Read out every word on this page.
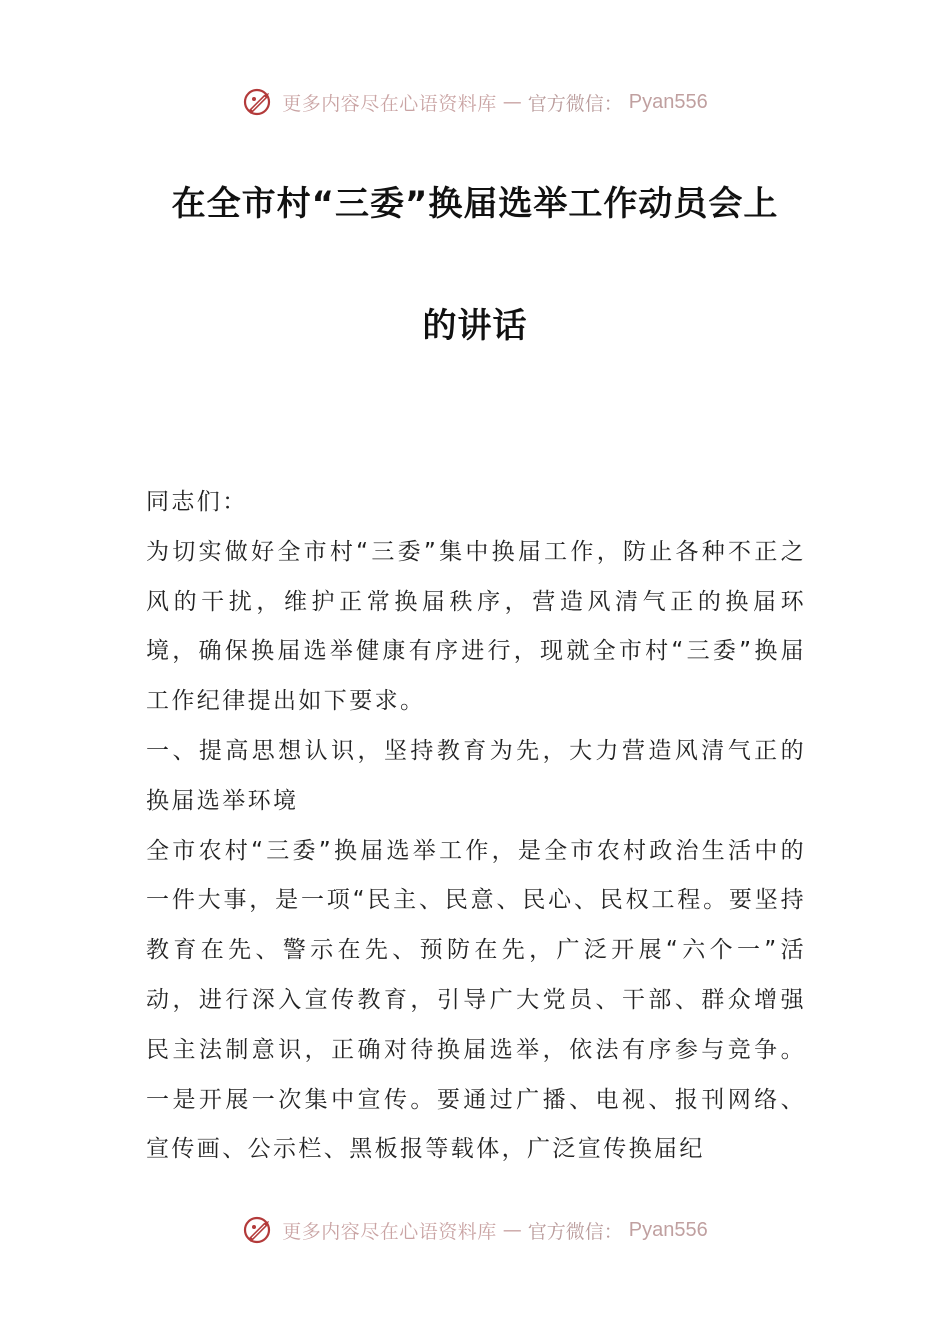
更多内容尽在心语资料库 — 官方微信： Pyan556
在全市村“三委”换届选举工作动员会上
的讲话

同志们：

为切实做好全市村“三委”集中换届工作，防止各种不正之风的干扰，维护正常换届秩序，营造风清气正的换届环境，确保换届选举健康有序进行，现就全市村“三委”换届工作纪律提出如下要求。

一、提高思想认识，坚持教育为先，大力营造风清气正的换届选举环境

全市农村“三委”换届选举工作，是全市农村政治生活中的一件大事，是一项“民主、民意、民心、民权工程。要坚持教育在先、警示在先、预防在先，广泛开展“六个一”活动，进行深入宣传教育，引导广大党员、干部、群众增强民主法制意识，正确对待换届选举，依法有序参与竞争。一是开展一次集中宣传。要通过广播、电视、报刊网络、宣传画、公示栏、黑板报等载体，广泛宣传换届纪

更多内容尽在心语资料库 — 官方微信： Pyan556
